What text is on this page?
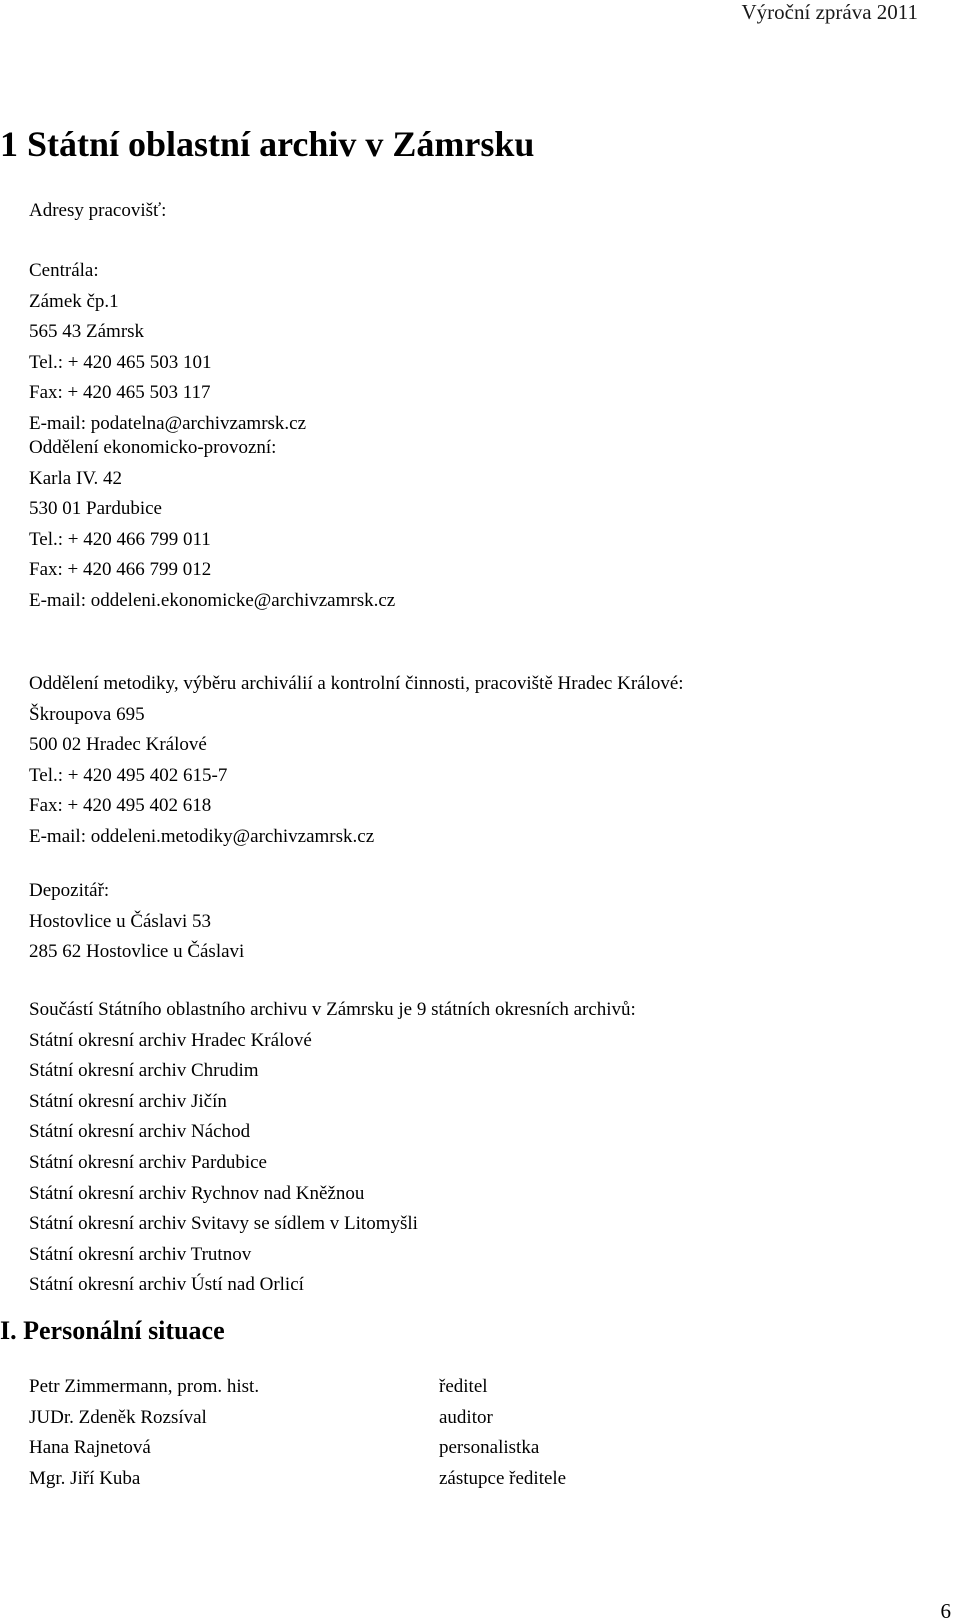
Výroční zpráva 2011
1 Státní oblastní archiv v Zámrsku
Adresy pracovišť:
Centrála:
Zámek čp.1
565 43 Zámrsk
Tel.: + 420 465 503 101
Fax: + 420 465 503 117
E-mail: podatelna@archivzamrsk.cz
Oddělení ekonomicko-provozní:
Karla IV. 42
530 01 Pardubice
Tel.: + 420 466 799 011
Fax: + 420 466 799 012
E-mail: oddeleni.ekonomicke@archivzamrsk.cz
Oddělení metodiky, výběru archiválií a kontrolní činnosti, pracoviště Hradec Králové:
Škroupova 695
500 02 Hradec Králové
Tel.: + 420 495 402 615-7
Fax: + 420 495 402 618
E-mail: oddeleni.metodiky@archivzamrsk.cz
Depozitář:
Hostovlice u Čáslavi 53
285 62 Hostovlice u Čáslavi
Součástí Státního oblastního archivu v Zámrsku je 9 státních okresních archivů:
Státní okresní archiv Hradec Králové
Státní okresní archiv Chrudim
Státní okresní archiv Jičín
Státní okresní archiv Náchod
Státní okresní archiv Pardubice
Státní okresní archiv Rychnov nad Kněžnou
Státní okresní archiv Svitavy se sídlem v Litomyšli
Státní okresní archiv Trutnov
Státní okresní archiv Ústí nad Orlicí
I. Personální situace
Petr Zimmermann, prom. hist.
JUDr. Zdeněk Rozsíval
Hana Rajnetová
Mgr. Jiří Kuba
ředitel
auditor
personalistka
zástupce ředitele
6
